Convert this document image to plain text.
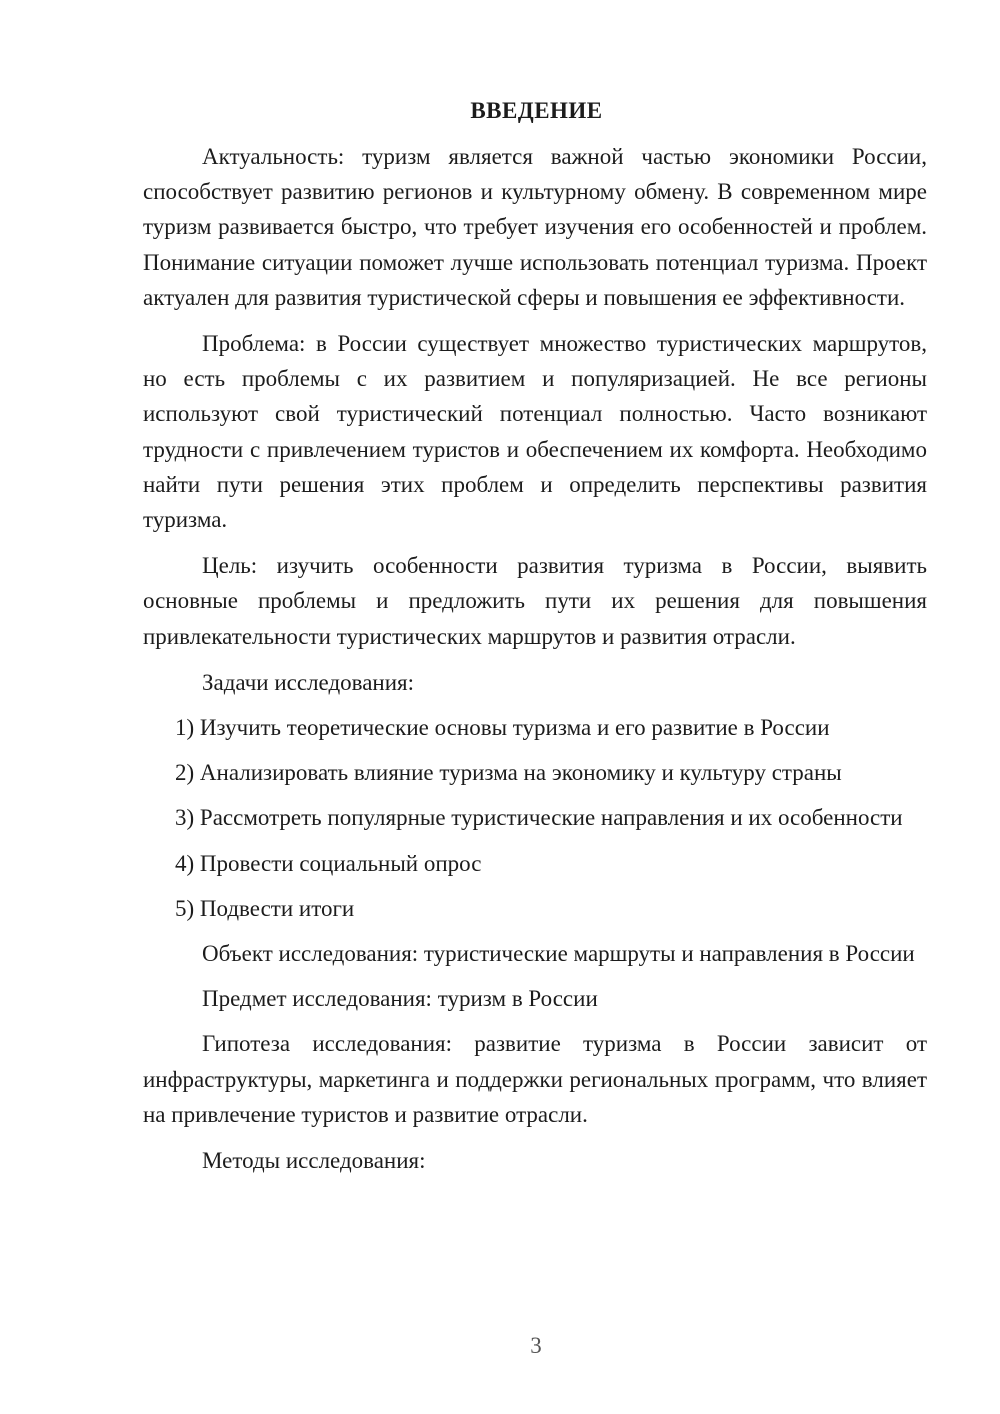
ВВЕДЕНИЕ

Актуальность: туризм является важной частью экономики России, способствует развитию регионов и культурному обмену. В современном мире туризм развивается быстро, что требует изучения его особенностей и проблем. Понимание ситуации поможет лучше использовать потенциал туризма. Проект актуален для развития туристической сферы и повышения ее эффективности.

Проблема: в России существует множество туристических маршрутов, но есть проблемы с их развитием и популяризацией. Не все регионы используют свой туристический потенциал полностью. Часто возникают трудности с привлечением туристов и обеспечением их комфорта. Необходимо найти пути решения этих проблем и определить перспективы развития туризма.

Цель: изучить особенности развития туризма в России, выявить основные проблемы и предложить пути их решения для повышения привлекательности туристических маршрутов и развития отрасли.

Задачи исследования:

1) Изучить теоретические основы туризма и его развитие в России

2) Анализировать влияние туризма на экономику и культуру страны

3) Рассмотреть популярные туристические направления и их особенности

4) Провести социальный опрос

5) Подвести итоги

Объект исследования: туристические маршруты и направления в России

Предмет исследования: туризм в России

Гипотеза исследования: развитие туризма в России зависит от инфраструктуры, маркетинга и поддержки региональных программ, что влияет на привлечение туристов и развитие отрасли.

Методы исследования:

3
